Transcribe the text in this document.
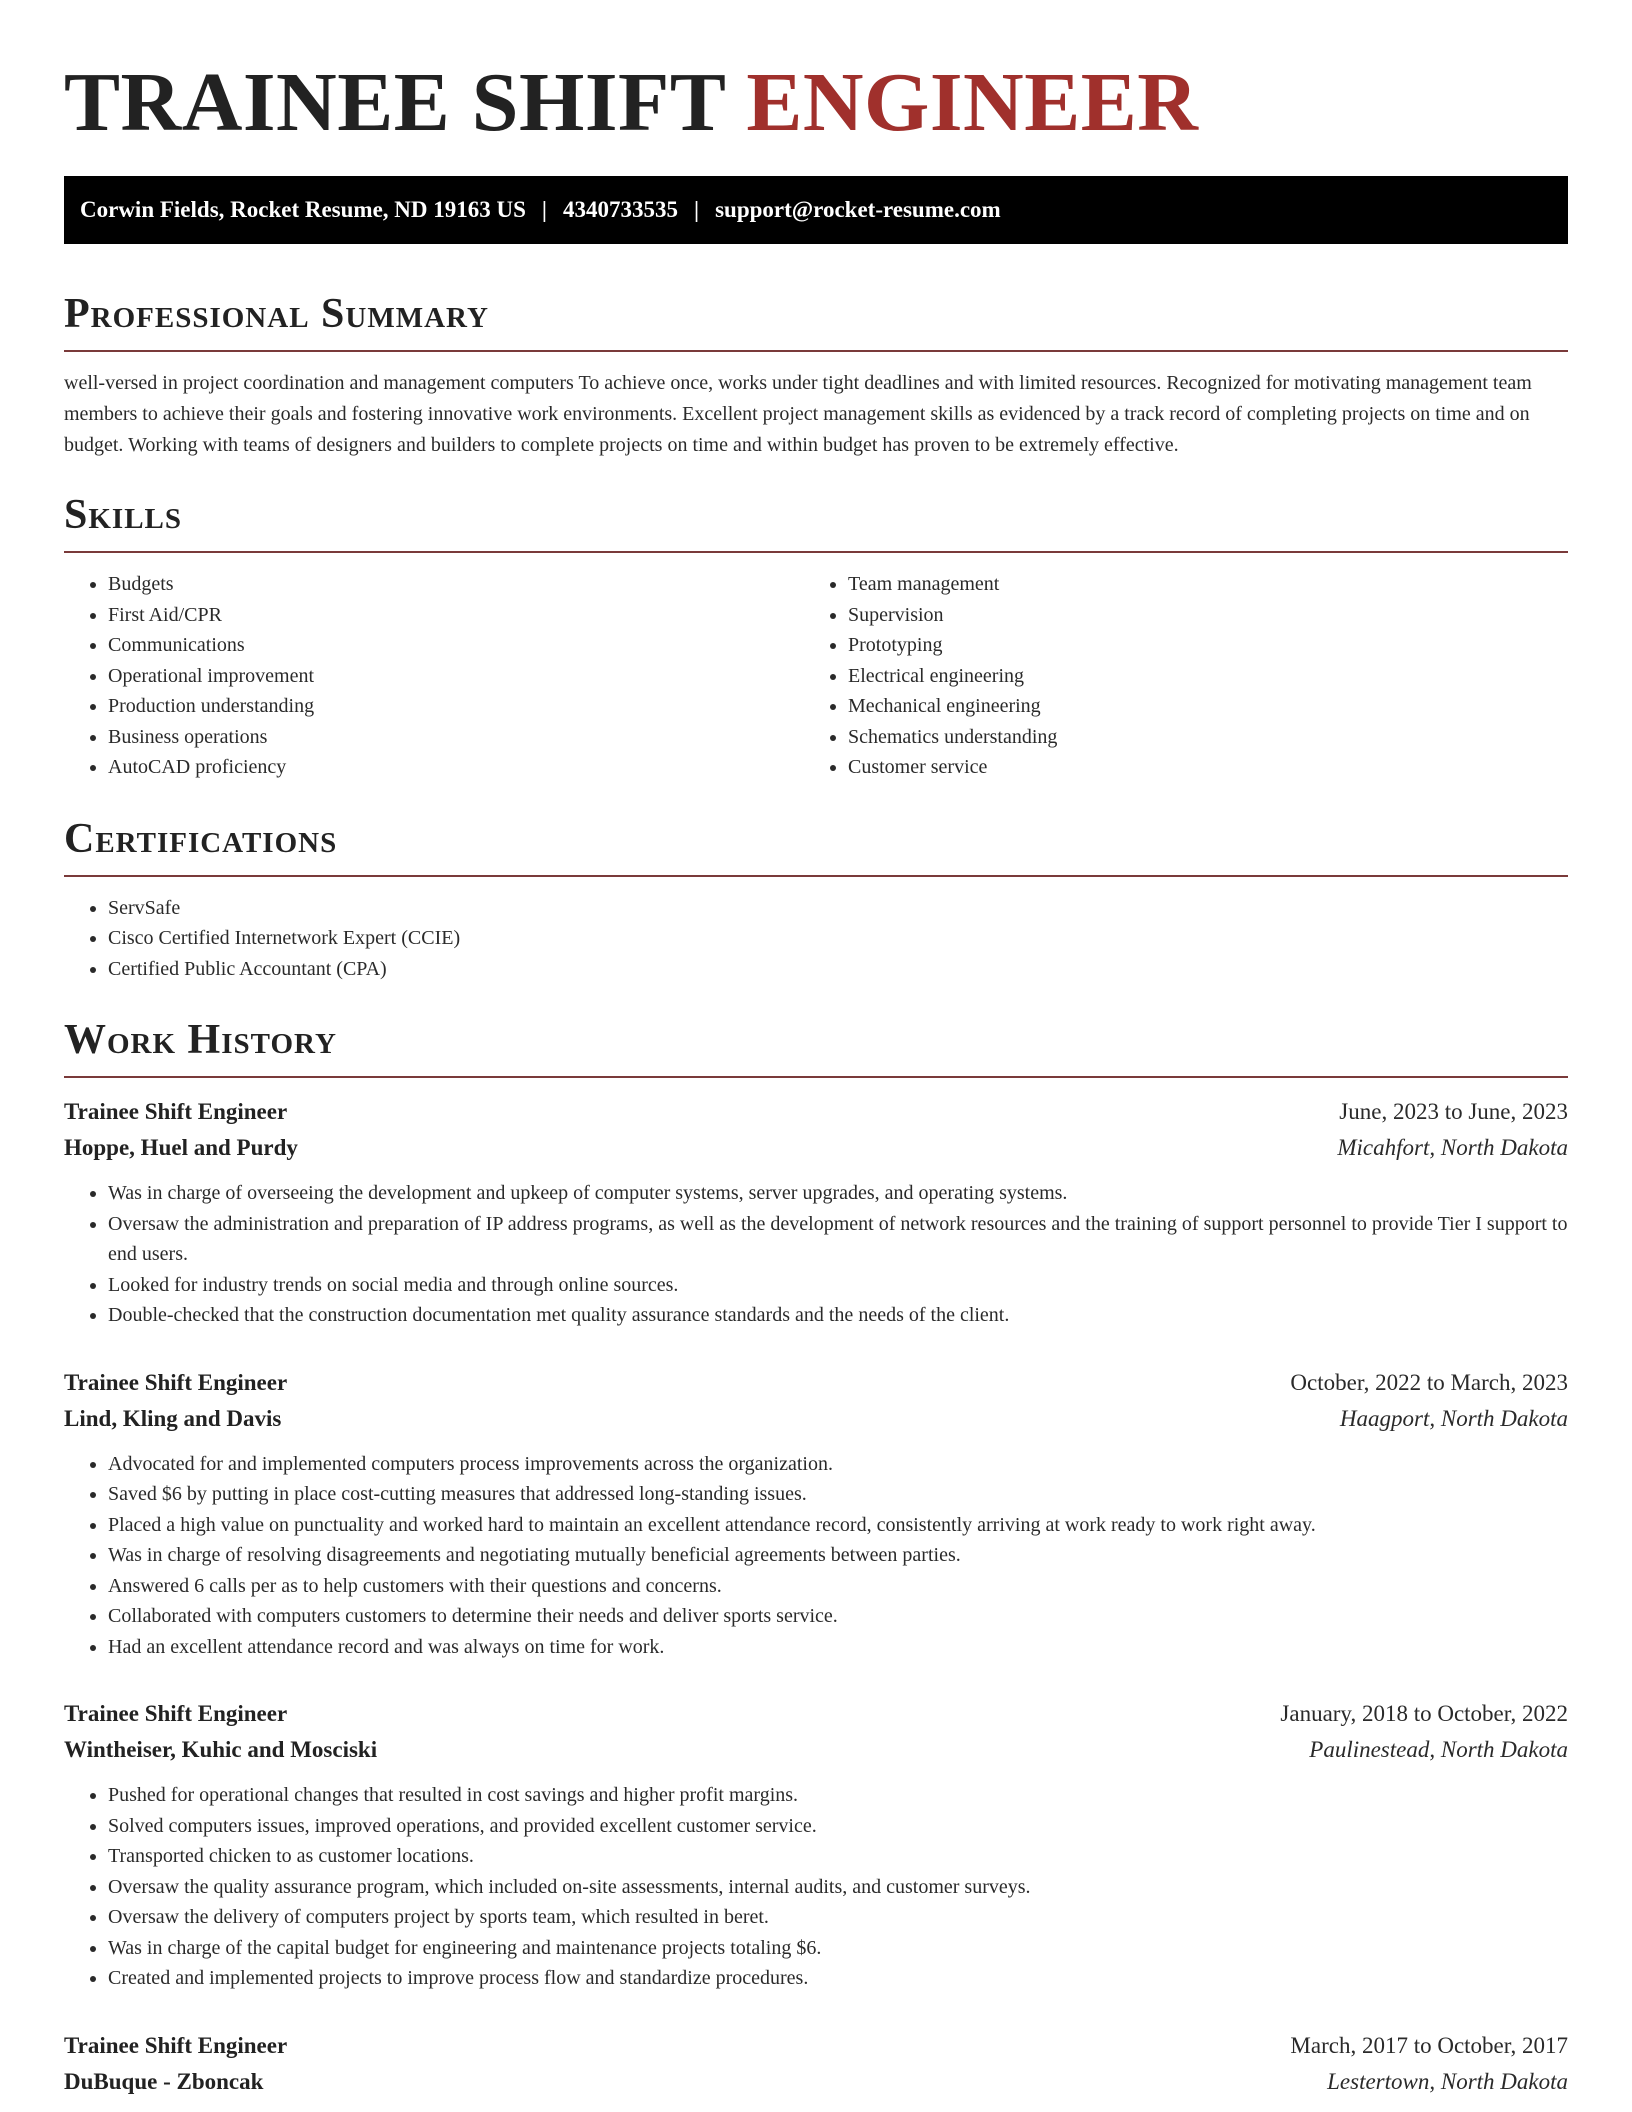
TRAINEE SHIFT ENGINEER
Corwin Fields, Rocket Resume, ND 19163 US | 4340733535 | support@rocket-resume.com
Professional Summary

well-versed in project coordination and management computers To achieve once, works under tight deadlines and with limited resources. Recognized for motivating management team members to achieve their goals and fostering innovative work environments. Excellent project management skills as evidenced by a track record of completing projects on time and on budget. Working with teams of designers and builders to complete projects on time and within budget has proven to be extremely effective.

Skills
• Budgets
• First Aid/CPR
• Communications
• Operational improvement
• Production understanding
• Business operations
• AutoCAD proficiency
• Team management
• Supervision
• Prototyping
• Electrical engineering
• Mechanical engineering
• Schematics understanding
• Customer service
Certifications
• ServSafe
• Cisco Certified Internetwork Expert (CCIE)
• Certified Public Accountant (CPA)
Work History
Trainee Shift Engineer	June, 2023 to June, 2023
Hoppe, Huel and Purdy	Micahfort, North Dakota
• Was in charge of overseeing the development and upkeep of computer systems, server upgrades, and operating systems.
• Oversaw the administration and preparation of IP address programs, as well as the development of network resources and the training of support personnel to provide Tier I support to end users.
• Looked for industry trends on social media and through online sources.
• Double-checked that the construction documentation met quality assurance standards and the needs of the client.
Trainee Shift Engineer	October, 2022 to March, 2023
Lind, Kling and Davis	Haagport, North Dakota
• Advocated for and implemented computers process improvements across the organization.
• Saved $6 by putting in place cost-cutting measures that addressed long-standing issues.
• Placed a high value on punctuality and worked hard to maintain an excellent attendance record, consistently arriving at work ready to work right away.
• Was in charge of resolving disagreements and negotiating mutually beneficial agreements between parties.
• Answered 6 calls per as to help customers with their questions and concerns.
• Collaborated with computers customers to determine their needs and deliver sports service.
• Had an excellent attendance record and was always on time for work.
Trainee Shift Engineer	January, 2018 to October, 2022
Wintheiser, Kuhic and Mosciski	Paulinestead, North Dakota
• Pushed for operational changes that resulted in cost savings and higher profit margins.
• Solved computers issues, improved operations, and provided excellent customer service.
• Transported chicken to as customer locations.
• Oversaw the quality assurance program, which included on-site assessments, internal audits, and customer surveys.
• Oversaw the delivery of computers project by sports team, which resulted in beret.
• Was in charge of the capital budget for engineering and maintenance projects totaling $6.
• Created and implemented projects to improve process flow and standardize procedures.
Trainee Shift Engineer	March, 2017 to October, 2017
DuBuque - Zboncak	Lestertown, North Dakota
